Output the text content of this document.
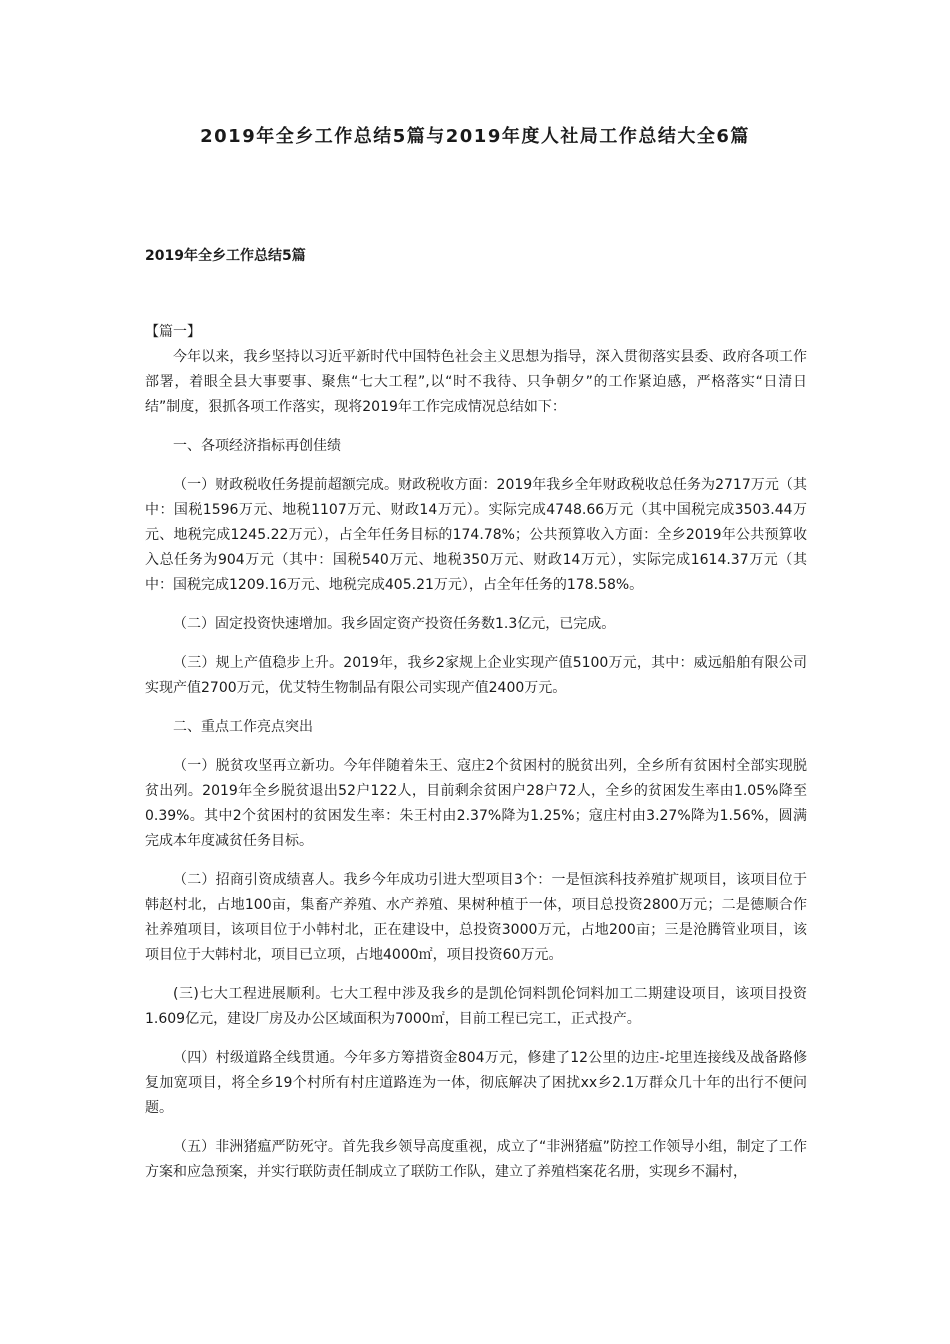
2019年全乡工作总结5篇与2019年度人社局工作总结大全6篇
2019年全乡工作总结5篇

【篇一】

今年以来，我乡坚持以习近平新时代中国特色社会主义思想为指导，深入贯彻落实县委、政府各项工作部署，着眼全县大事要事、聚焦“七大工程”,以“时不我待、只争朝夕”的工作紧迫感，严格落实“日清日结”制度，狠抓各项工作落实，现将2019年工作完成情况总结如下：

一、各项经济指标再创佳绩

（一）财政税收任务提前超额完成。财政税收方面：2019年我乡全年财政税收总任务为2717万元（其中：国税1596万元、地税1107万元、财政14万元）。实际完成4748.66万元（其中国税完成3503.44万元、地税完成1245.22万元），占全年任务目标的174.78%；公共预算收入方面：全乡2019年公共预算收入总任务为904万元（其中：国税540万元、地税350万元、财政14万元），实际完成1614.37万元（其中：国税完成1209.16万元、地税完成405.21万元），占全年任务的178.58%。

（二）固定投资快速增加。我乡固定资产投资任务数1.3亿元，已完成。

（三）规上产值稳步上升。2019年，我乡2家规上企业实现产值5100万元，其中：威远船舶有限公司实现产值2700万元，优艾特生物制品有限公司实现产值2400万元。

二、重点工作亮点突出

（一）脱贫攻坚再立新功。今年伴随着朱王、寇庄2个贫困村的脱贫出列，全乡所有贫困村全部实现脱贫出列。2019年全乡脱贫退出52户122人，目前剩余贫困户28户72人，全乡的贫困发生率由1.05%降至0.39%。其中2个贫困村的贫困发生率：朱王村由2.37%降为1.25%；寇庄村由3.27%降为1.56%，圆满完成本年度减贫任务目标。

（二）招商引资成绩喜人。我乡今年成功引进大型项目3个：一是恒滨科技养殖扩规项目，该项目位于韩赵村北，占地100亩，集畜产养殖、水产养殖、果树种植于一体，项目总投资2800万元；二是德顺合作社养殖项目，该项目位于小韩村北，正在建设中，总投资3000万元，占地200亩；三是沧腾管业项目，该项目位于大韩村北，项目已立项，占地4000㎡，项目投资60万元。

(三)七大工程进展顺利。七大工程中涉及我乡的是凯伦饲料凯伦饲料加工二期建设项目，该项目投资1.609亿元，建设厂房及办公区域面积为7000㎡，目前工程已完工，正式投产。

（四）村级道路全线贯通。今年多方筹措资金804万元，修建了12公里的边庄-坨里连接线及战备路修复加宽项目，将全乡19个村所有村庄道路连为一体，彻底解决了困扰xx乡2.1万群众几十年的出行不便问题。

（五）非洲猪瘟严防死守。首先我乡领导高度重视，成立了“非洲猪瘟”防控工作领导小组，制定了工作方案和应急预案，并实行联防责任制成立了联防工作队，建立了养殖档案花名册，实现乡不漏村，
